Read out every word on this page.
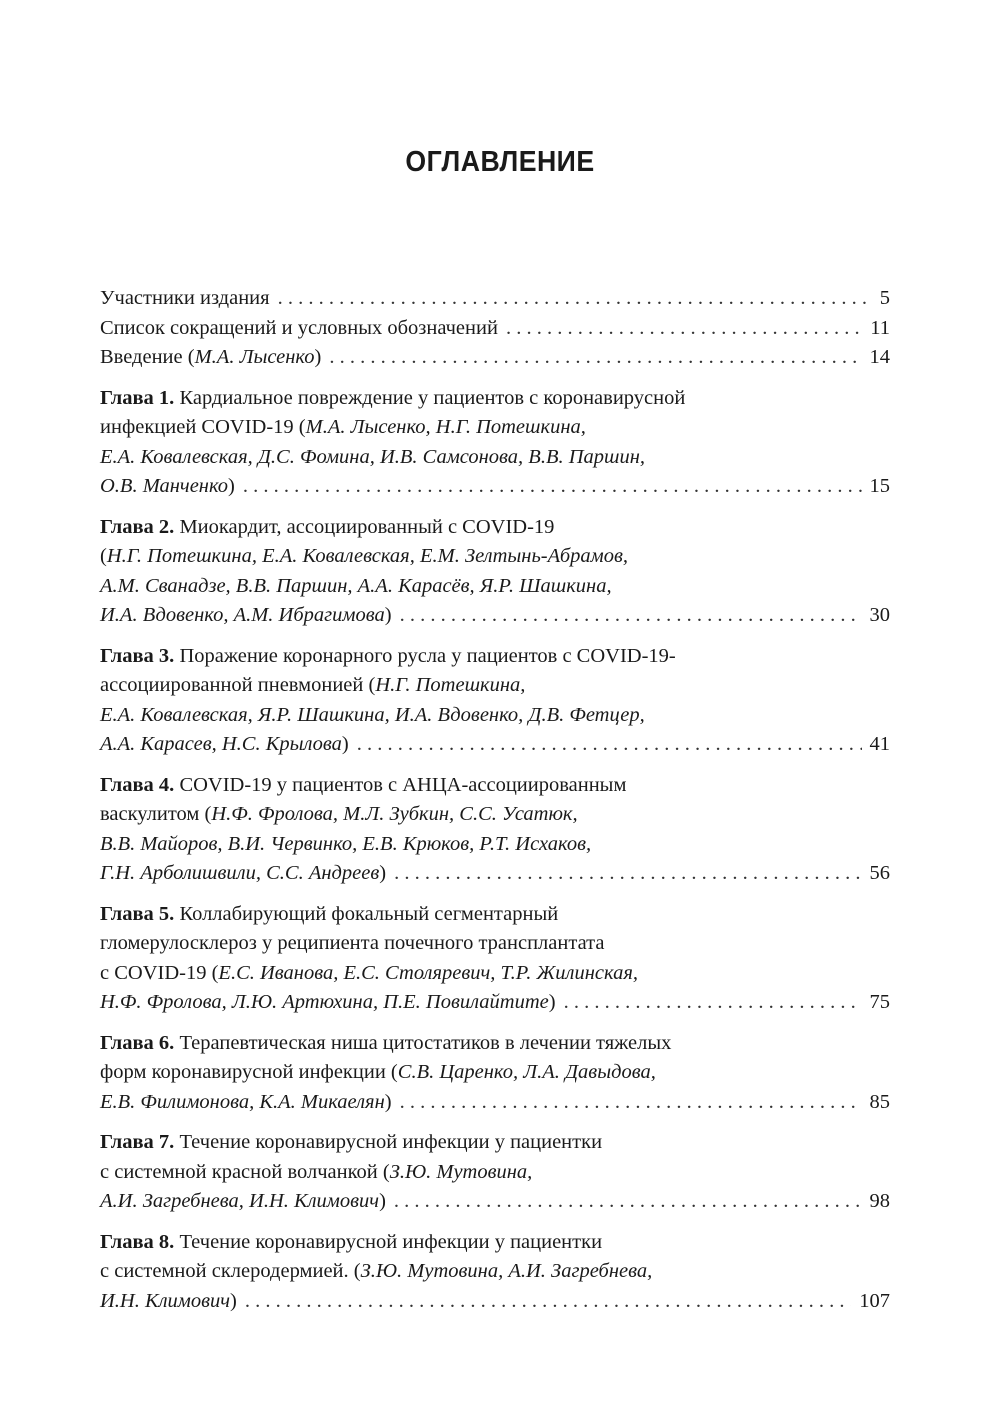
ОГЛАВЛЕНИЕ
Участники издания . . .	5
Список сокращений и условных обозначений . . .	11
Введение (М.А. Лысенко) . . .	14
Глава 1. Кардиальное повреждение у пациентов с коронавирусной
инфекцией COVID-19 (М.А. Лысенко, Н.Г. Потешкина,
Е.А. Ковалевская, Д.С. Фомина, И.В. Самсонова, В.В. Паршин,
О.В. Манченко) . . .	15
Глава 2. Миокардит, ассоциированный с COVID-19
(Н.Г. Потешкина, Е.А. Ковалевская, Е.М. Зелтынь-Абрамов,
А.М. Сванадзе, В.В. Паршин, А.А. Карасёв, Я.Р. Шашкина,
И.А. Вдовенко, А.М. Ибрагимова) . . .	30
Глава 3. Поражение коронарного русла у пациентов с COVID-19-
ассоциированной пневмонией (Н.Г. Потешкина,
Е.А. Ковалевская, Я.Р. Шашкина, И.А. Вдовенко, Д.В. Фетцер,
А.А. Карасев, Н.С. Крылова) . . .	41
Глава 4. COVID-19 у пациентов с АНЦА-ассоциированным
васкулитом (Н.Ф. Фролова, М.Л. Зубкин, С.С. Усатюк,
В.В. Майоров, В.И. Червинко, Е.В. Крюков, Р.Т. Исхаков,
Г.Н. Арболишвили, С.С. Андреев) . . .	56
Глава 5. Коллабирующий фокальный сегментарный
гломерулосклероз у реципиента почечного трансплантата
с COVID-19 (Е.С. Иванова, Е.С. Столяревич, Т.Р. Жилинская,
Н.Ф. Фролова, Л.Ю. Артюхина, П.Е. Повилайтите) . . .	75
Глава 6. Терапевтическая ниша цитостатиков в лечении тяжелых
форм коронавирусной инфекции (С.В. Царенко, Л.А. Давыдова,
Е.В. Филимонова, К.А. Микаелян) . . .	85
Глава 7. Течение коронавирусной инфекции у пациентки
с системной красной волчанкой (З.Ю. Мутовина,
А.И. Загребнева, И.Н. Климович) . . .	98
Глава 8. Течение коронавирусной инфекции у пациентки
с системной склеродермией. (З.Ю. Мутовина, А.И. Загребнева,
И.Н. Климович) . . .	107
